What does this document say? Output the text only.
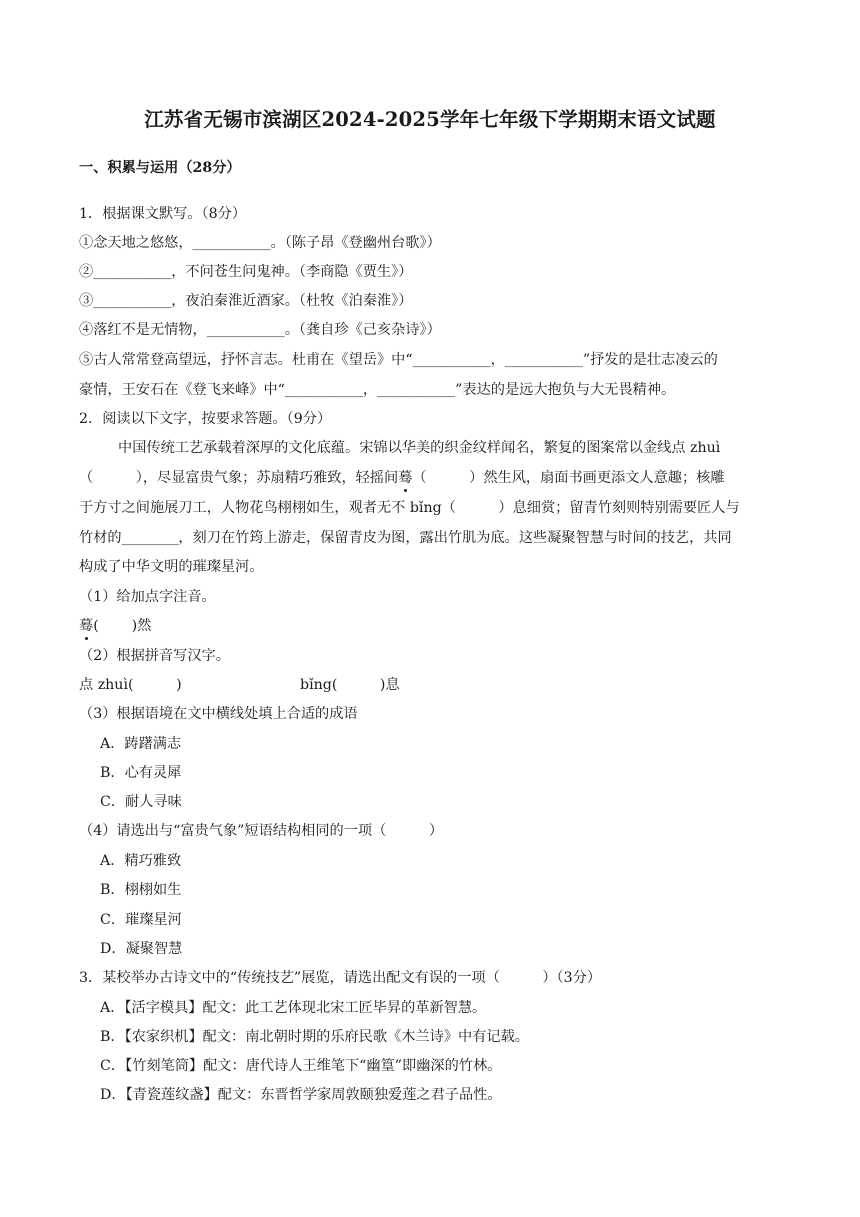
江苏省无锡市滨湖区2024-2025学年七年级下学期期末语文试题
一、积累与运用（28分）
1．根据课文默写。（8分）
①念天地之悠悠，___________。（陈子昂《登幽州台歌》）
②___________，不问苍生问鬼神。（李商隐《贾生》）
③___________，夜泊秦淮近酒家。（杜牧《泊秦淮》）
④落红不是无情物，___________。（龚自珍《己亥杂诗》）
⑤古人常常登高望远，抒怀言志。杜甫在《望岳》中“___________，___________”抒发的是壮志凌云的
豪情，王安石在《登飞来峰》中“___________，___________”表达的是远大抱负与大无畏精神。
2．阅读以下文字，按要求答题。（9分）
中国传统工艺承载着深厚的文化底蕴。宋锦以华美的织金纹样闻名，繁复的图案常以金线点 zhuì
（　　　），尽显富贵气象；苏扇精巧雅致，轻摇间蓦（　　　）然生风，扇面书画更添文人意趣；核雕
于方寸之间施展刀工，人物花鸟栩栩如生，观者无不 bǐng（　　　）息细赏；留青竹刻则特别需要匠人与
竹材的________，刻刀在竹筠上游走，保留青皮为图，露出竹肌为底。这些凝聚智慧与时间的技艺，共同
构成了中华文明的璀璨星河。
（1）给加点字注音。
蓦(　　 )然
（2）根据拼音写汉字。
点 zhuì(　　　)	bǐng(　　　)息
（3）根据语境在文中横线处填上合适的成语
A．踌躇满志
B．心有灵犀
C．耐人寻味
（4）请选出与“富贵气象”短语结构相同的一项（　　　）
A．精巧雅致
B．栩栩如生
C．璀璨星河
D．凝聚智慧
3．某校举办古诗文中的“传统技艺”展览，请选出配文有误的一项（　　　）（3分）
A．【活字模具】配文：此工艺体现北宋工匠毕昇的革新智慧。
B．【农家织机】配文：南北朝时期的乐府民歌《木兰诗》中有记载。
C．【竹刻笔筒】配文：唐代诗人王维笔下“幽篁”即幽深的竹林。
D．【青瓷莲纹盏】配文：东晋哲学家周敦颐独爱莲之君子品性。
